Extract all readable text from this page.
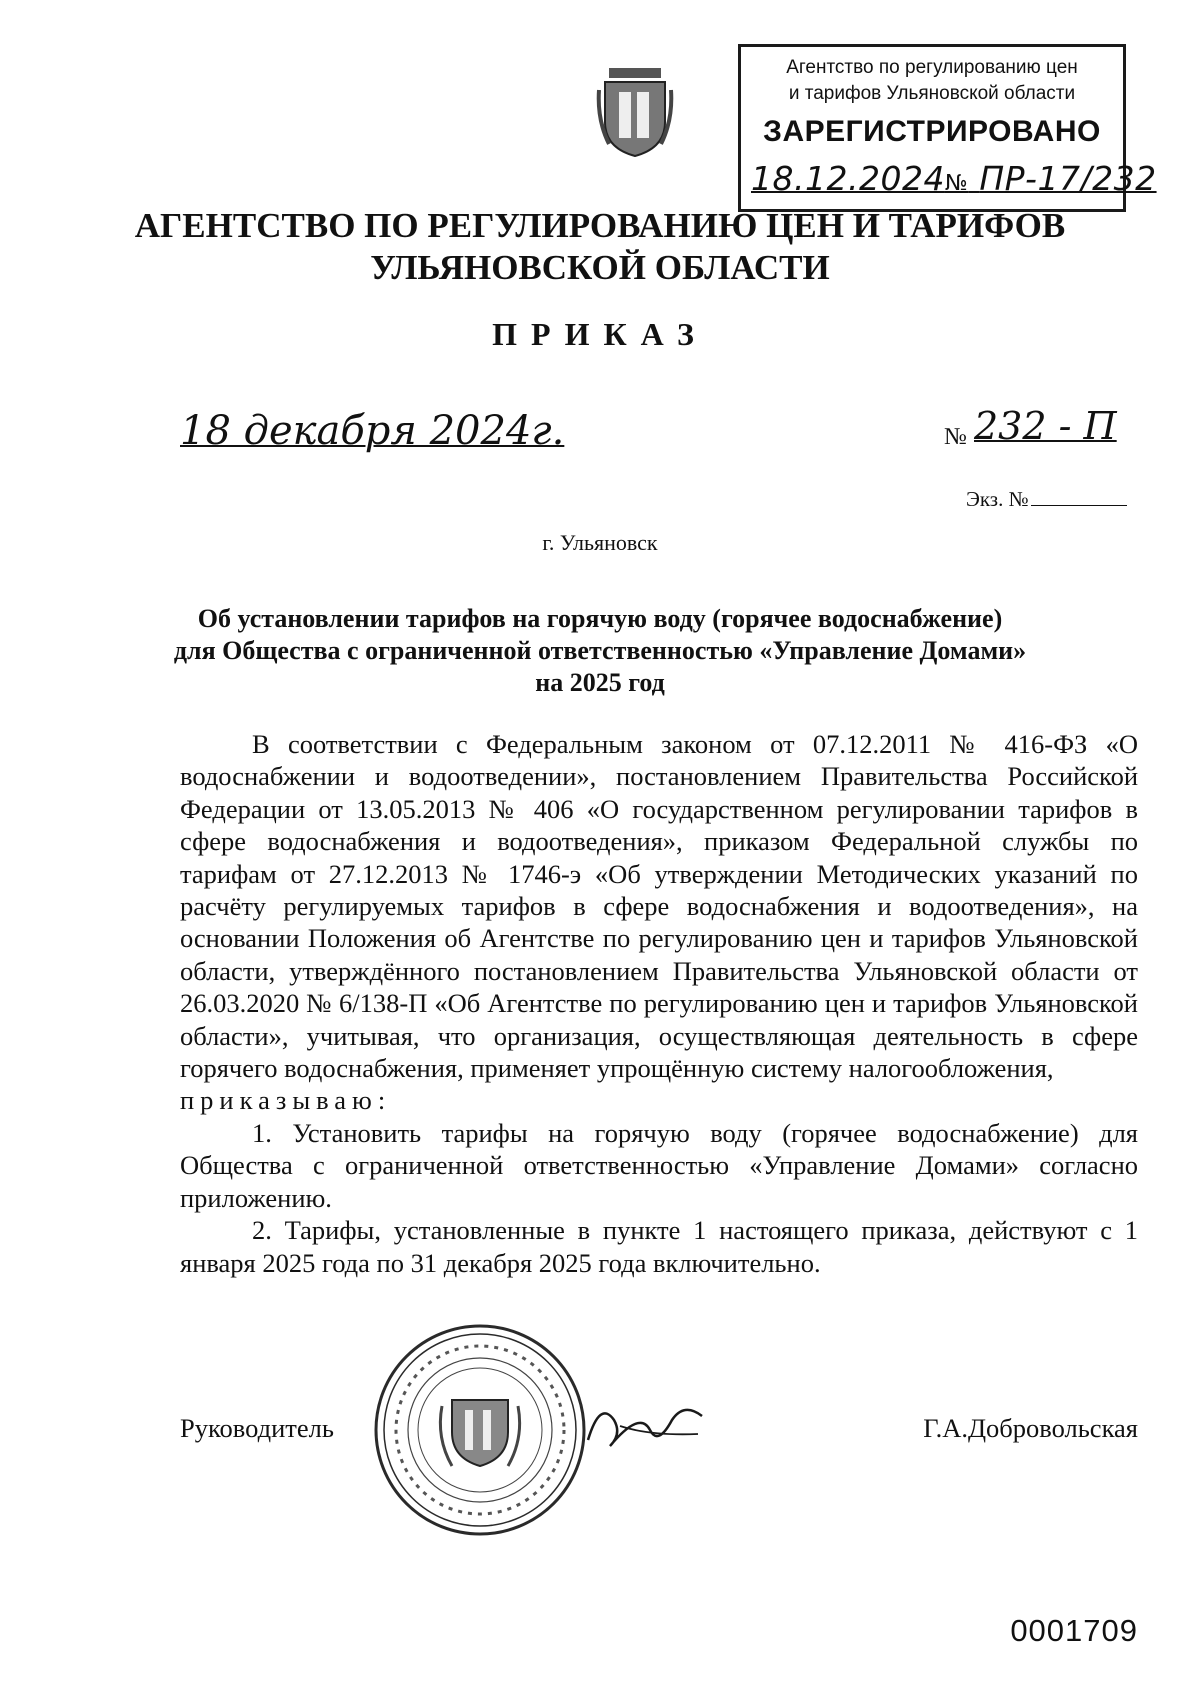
Агентство по регулированию цен
и тарифов Ульяновской области
ЗАРЕГИСТРИРОВАНО
18.12.2024№ ПР-17/232
АГЕНТСТВО ПО РЕГУЛИРОВАНИЮ ЦЕН И ТАРИФОВ
УЛЬЯНОВСКОЙ ОБЛАСТИ
ПРИКАЗ
18 декабря 2024г.	№ 232 - П
Экз. №
г. Ульяновск
Об установлении тарифов на горячую воду (горячее водоснабжение)
для Общества с ограниченной ответственностью «Управление Домами»
на 2025 год

В соответствии с Федеральным законом от 07.12.2011 № 416-ФЗ «О водоснабжении и водоотведении», постановлением Правительства Российской Федерации от 13.05.2013 № 406 «О государственном регулировании тарифов в сфере водоснабжения и водоотведения», приказом Федеральной службы по тарифам от 27.12.2013 № 1746-э «Об утверждении Методических указаний по расчёту регулируемых тарифов в сфере водоснабжения и водоотведения», на основании Положения об Агентстве по регулированию цен и тарифов Ульяновской области, утверждённого постановлением Правительства Ульяновской области от 26.03.2020 № 6/138-П «Об Агентстве по регулированию цен и тарифов Ульяновской области», учитывая, что организация, осуществляющая деятельность в сфере горячего водоснабжения, применяет упрощённую систему налогообложения,

приказываю:

1. Установить тарифы на горячую воду (горячее водоснабжение) для Общества с ограниченной ответственностью «Управление Домами» согласно приложению.

2. Тарифы, установленные в пункте 1 настоящего приказа, действуют с 1 января 2025 года по 31 декабря 2025 года включительно.

Руководитель	Г.А.Добровольская
0001709
